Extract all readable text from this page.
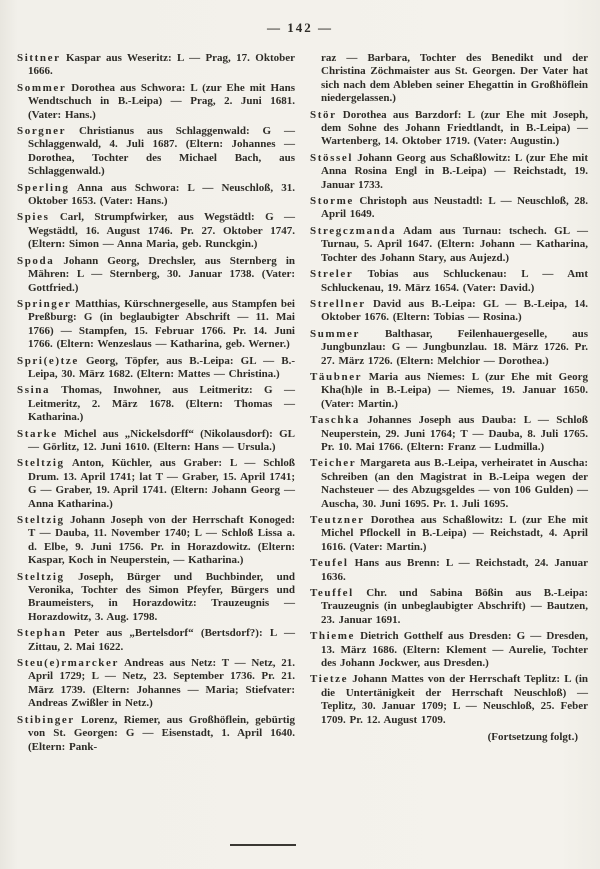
— 142 —

Sittner Kaspar aus Weseritz: L — Prag, 17. Oktober 1666.

Sommer Dorothea aus Schwora: L (zur Ehe mit Hans Wendtschuch in B.-Leipa) — Prag, 2. Juni 1681. (Vater: Hans.)

Sorgner Christianus aus Schlaggenwald: G — Schlaggenwald, 4. Juli 1687. (Eltern: Johannes — Dorothea, Tochter des Michael Bach, aus Schlaggenwald.)

Sperling Anna aus Schwora: L — Neuschloß, 31. Oktober 1653. (Vater: Hans.)

Spies Carl, Strumpfwirker, aus Wegstädtl: G — Wegstädtl, 16. August 1746. Pr. 27. Oktober 1747. (Eltern: Simon — Anna Maria, geb. Runckgin.)

Spoda Johann Georg, Drechsler, aus Sternberg in Mähren: L — Sternberg, 30. Januar 1738. (Vater: Gottfried.)

Springer Matthias, Kürschnergeselle, aus Stampfen bei Preßburg: G (in beglaubigter Abschrift — 11. Mai 1766) — Stampfen, 15. Februar 1766. Pr. 14. Juni 1766. (Eltern: Wenzeslaus — Katharina, geb. Werner.)

Spri(e)tze Georg, Töpfer, aus B.-Leipa: GL — B.-Leipa, 30. März 1682. (Eltern: Mattes — Christina.)

Ssina Thomas, Inwohner, aus Leitmeritz: G — Leitmeritz, 2. März 1678. (Eltern: Thomas — Katharina.)

Starke Michel aus „Nickelsdorff“ (Nikolausdorf): GL — Görlitz, 12. Juni 1610. (Eltern: Hans — Ursula.)

Steltzig Anton, Küchler, aus Graber: L — Schloß Drum. 13. April 1741; lat T — Graber, 15. April 1741; G — Graber, 19. April 1741. (Eltern: Johann Georg — Anna Katharina.)

Steltzig Johann Joseph von der Herrschaft Konoged: T — Dauba, 11. November 1740; L — Schloß Lissa a. d. Elbe, 9. Juni 1756. Pr. in Horazdowitz. (Eltern: Kaspar, Koch in Neuperstein, — Katharina.)

Steltzig Joseph, Bürger und Buchbinder, und Veronika, Tochter des Simon Pfeyfer, Bürgers und Braumeisters, in Horazdowitz: Trauzeugnis — Horazdowitz, 3. Aug. 1798.

Stephan Peter aus „Bertelsdorf“ (Bertsdorf?): L — Zittau, 2. Mai 1622.

Steu(e)rmarcker Andreas aus Netz: T — Netz, 21. April 1729; L — Netz, 23. September 1736. Pr. 21. März 1739. (Eltern: Johannes — Maria; Stiefvater: Andreas Zwißler in Netz.)

Stibinger Lorenz, Riemer, aus Großhöflein, gebürtig von St. Georgen: G — Eisenstadt, 1. April 1640. (Eltern: Pank-

raz — Barbara, Tochter des Benedikt und der Christina Zöchmaister aus St. Georgen. Der Vater hat sich nach dem Ableben seiner Ehegattin in Großhöflein niedergelassen.)

Stör Dorothea aus Barzdorf: L (zur Ehe mit Joseph, dem Sohne des Johann Friedtlandt, in B.-Leipa) — Wartenberg, 14. Oktober 1719. (Vater: Augustin.)

Stössel Johann Georg aus Schaßlowitz: L (zur Ehe mit Anna Rosina Engl in B.-Leipa) — Reichstadt, 19. Januar 1733.

Storme Christoph aus Neustadtl: L — Neuschloß, 28. April 1649.

Stregczmanda Adam aus Turnau: tschech. GL — Turnau, 5. April 1647. (Eltern: Johann — Katharina, Tochter des Johann Stary, aus Aujezd.)

Streler Tobias aus Schluckenau: L — Amt Schluckenau, 19. März 1654. (Vater: David.)

Strellner David aus B.-Leipa: GL — B.-Leipa, 14. Oktober 1676. (Eltern: Tobias — Rosina.)

Summer Balthasar, Feilenhauergeselle, aus Jungbunzlau: G — Jungbunzlau. 18. März 1726. Pr. 27. März 1726. (Eltern: Melchior — Dorothea.)

Täubner Maria aus Niemes: L (zur Ehe mit Georg Kha(h)le in B.-Leipa) — Niemes, 19. Januar 1650. (Vater: Martin.)

Taschka Johannes Joseph aus Dauba: L — Schloß Neuperstein, 29. Juni 1764; T — Dauba, 8. Juli 1765. Pr. 10. Mai 1766. (Eltern: Franz — Ludmilla.)

Teicher Margareta aus B.-Leipa, verheiratet in Auscha: Schreiben (an den Magistrat in B.-Leipa wegen der Nachsteuer — des Abzugsgeldes — von 106 Gulden) — Auscha, 30. Juni 1695. Pr. 1. Juli 1695.

Teutzner Dorothea aus Schaßlowitz: L (zur Ehe mit Michel Pflockell in B.-Leipa) — Reichstadt, 4. April 1616. (Vater: Martin.)

Teufel Hans aus Brenn: L — Reichstadt, 24. Januar 1636.

Teuffel Chr. und Sabina Bößin aus B.-Leipa: Trauzeugnis (in unbeglaubigter Abschrift) — Bautzen, 23. Januar 1691.

Thieme Dietrich Gotthelf aus Dresden: G — Dresden, 13. März 1686. (Eltern: Klement — Aurelie, Tochter des Johann Jockwer, aus Dresden.)

Tietze Johann Mattes von der Herrschaft Teplitz: L (in die Untertänigkeit der Herrschaft Neuschloß) — Teplitz, 30. Januar 1709; L — Neuschloß, 25. Feber 1709. Pr. 12. August 1709.

(Fortsetzung folgt.)
